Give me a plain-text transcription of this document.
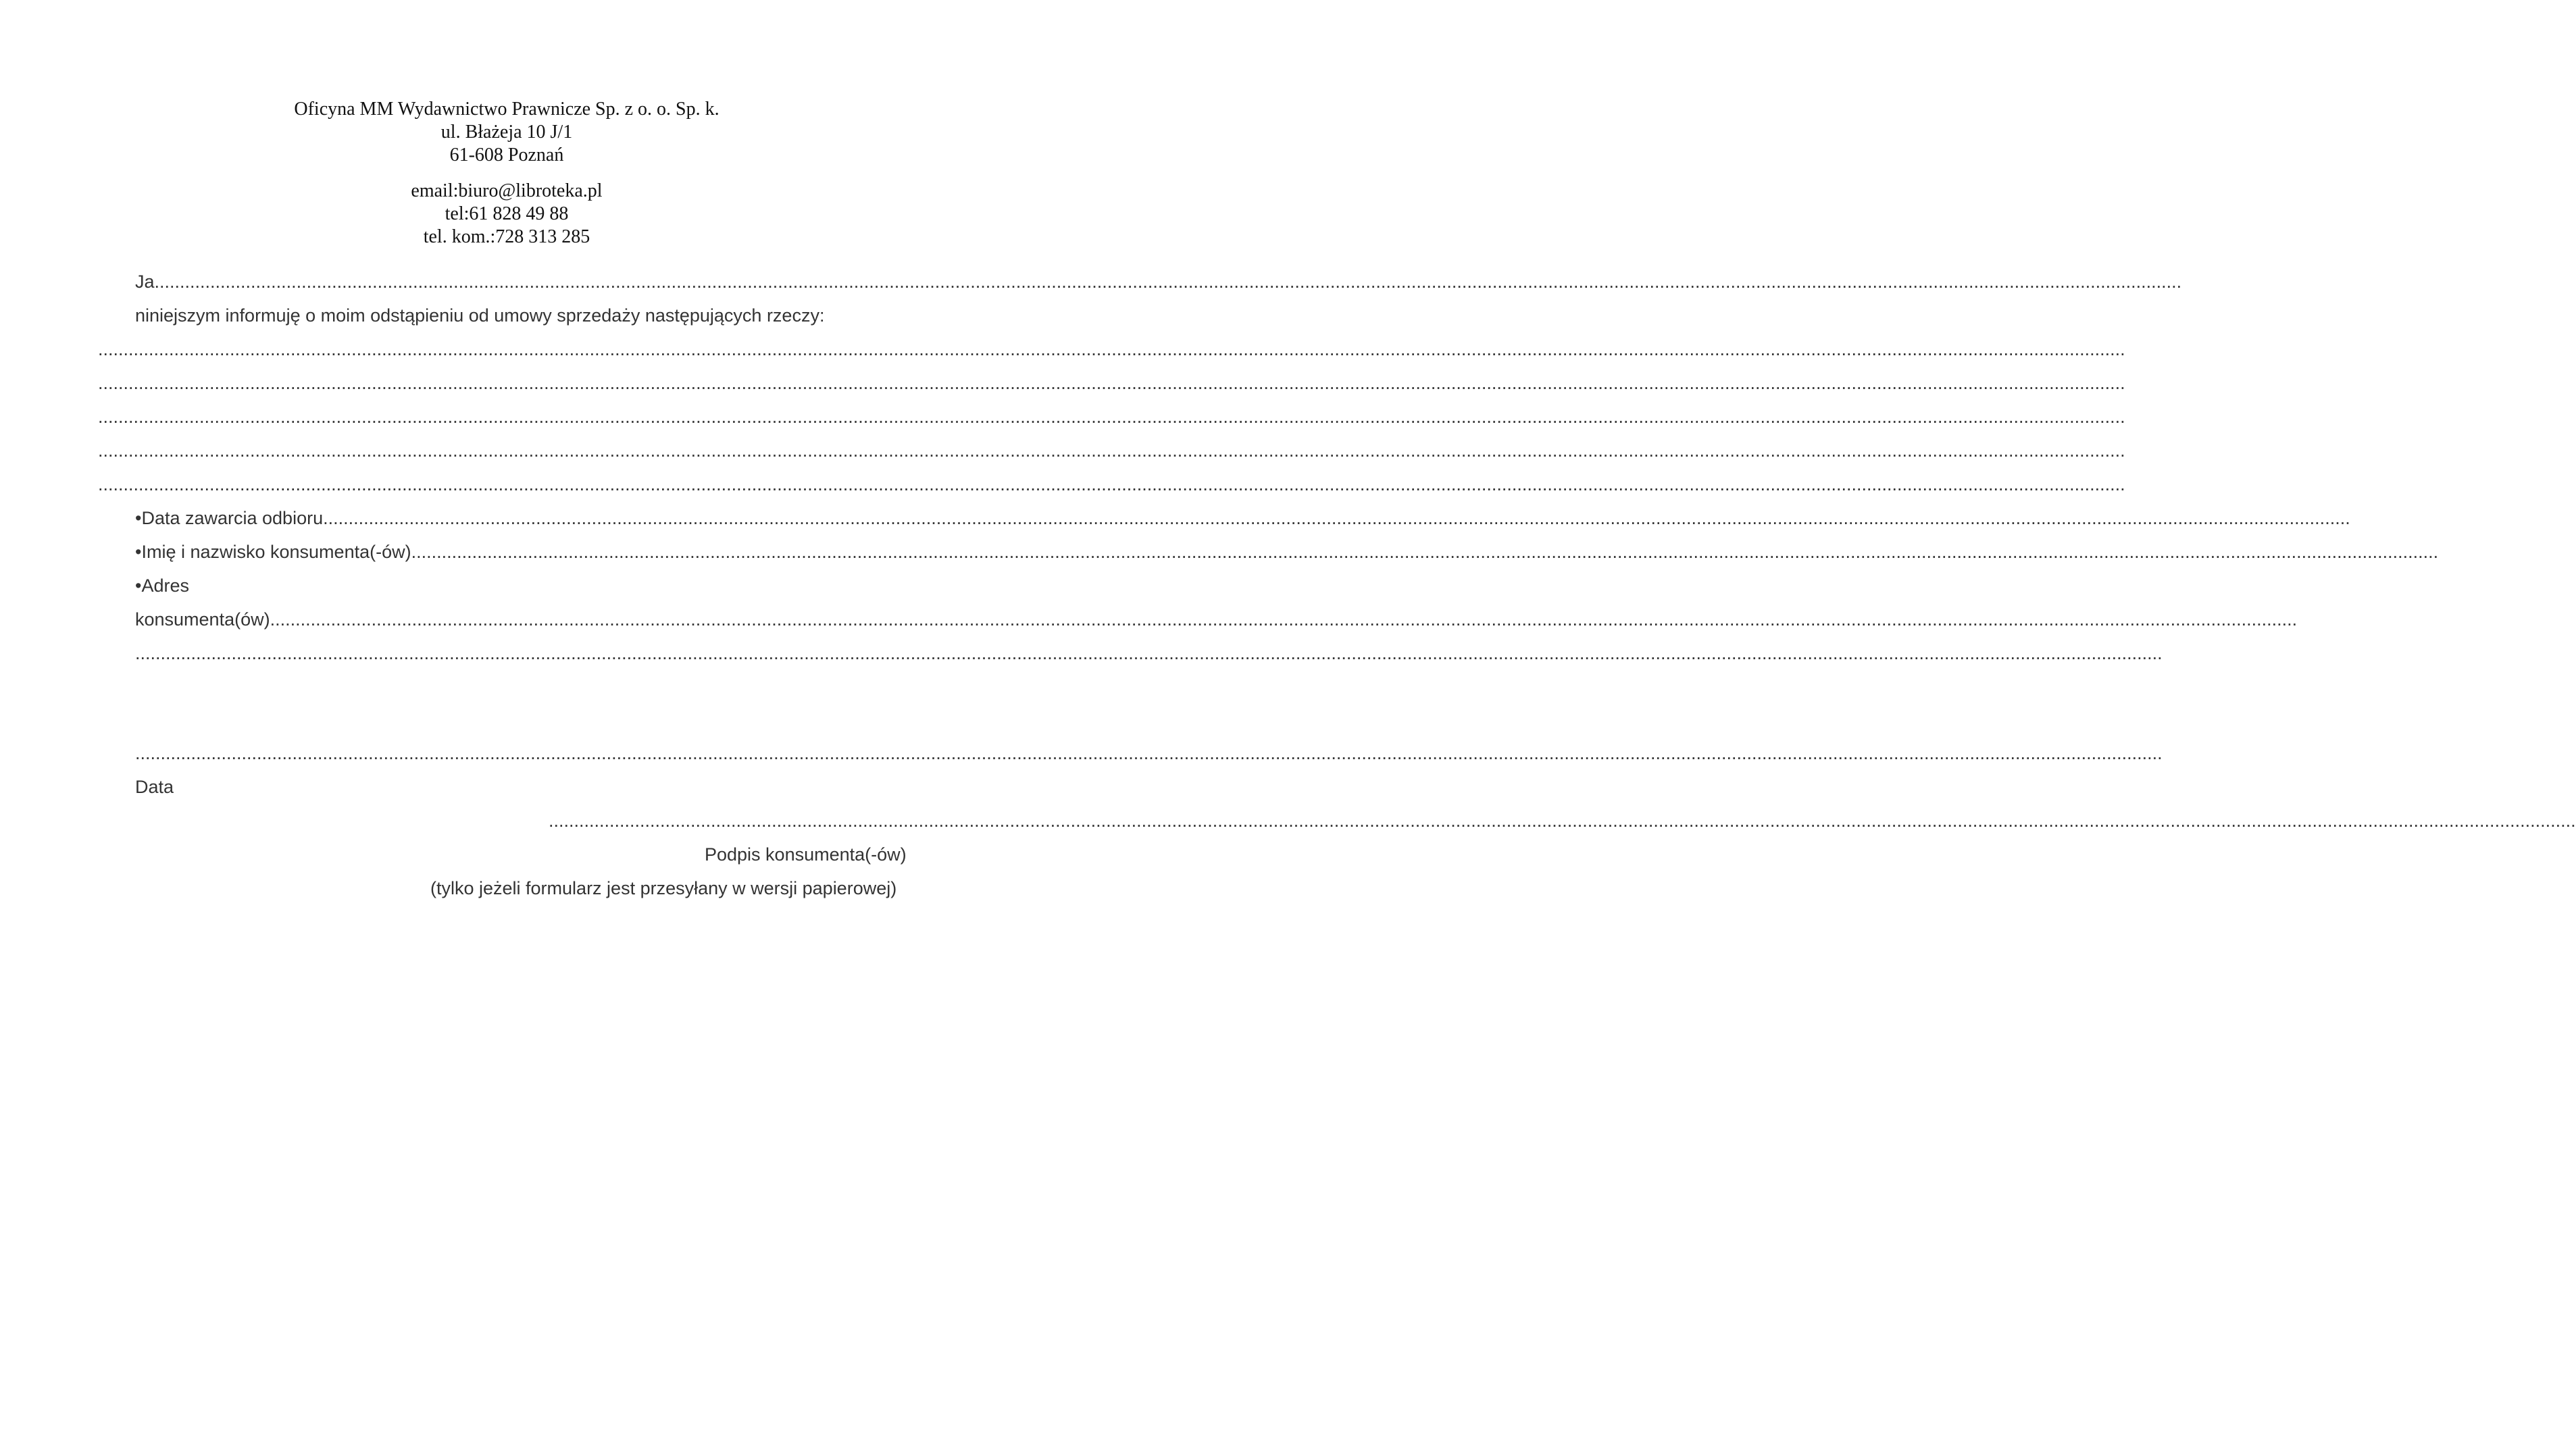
Oficyna MM Wydawnictwo Prawnicze Sp. z o. o. Sp. k.
ul. Błażeja 10 J/1
61-608 Poznań
email:biuro@libroteka.pl
tel:61 828 49 88
tel. kom.:728 313 285
Ja ................................................................................................................................................................................................................................................................................................................................................................................................................
niniejszym informuję o moim odstąpieniu od umowy sprzedaży następujących rzeczy:
................................................................................................................................................................................................................................................................................................................................................................................................................
................................................................................................................................................................................................................................................................................................................................................................................................................
................................................................................................................................................................................................................................................................................................................................................................................................................
................................................................................................................................................................................................................................................................................................................................................................................................................
................................................................................................................................................................................................................................................................................................................................................................................................................
•Data zawarcia odbioru ................................................................................................................................................................................................................................................................................................................................................................................................................
•Imię i nazwisko konsumenta(-ów) ................................................................................................................................................................................................................................................................................................................................................................................................................
•Adres
konsumenta(ów) ................................................................................................................................................................................................................................................................................................................................................................................................................
................................................................................................................................................................................................................................................................................................................................................................................................................
................................................................................................................................................................................................................................................................................................................................................................................................................
Data
................................................................................................................................................................................................................................................................................................................................................................................................................
Podpis konsumenta(-ów)
(tylko jeżeli formularz jest przesyłany w wersji papierowej)
